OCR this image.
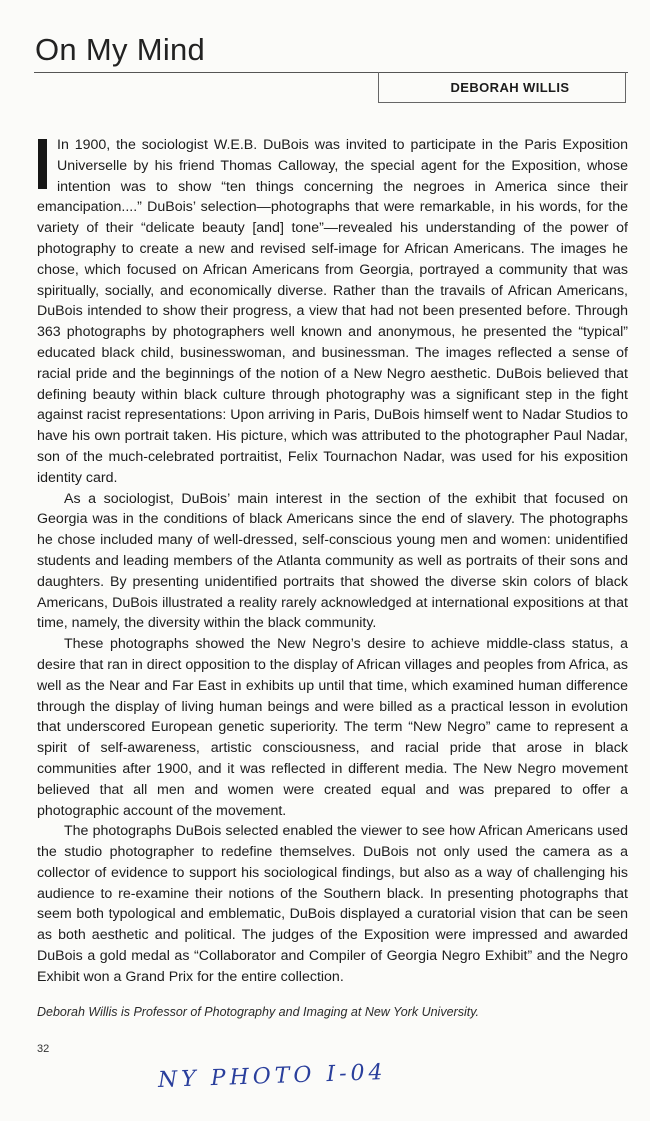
On My Mind
DEBORAH WILLIS

In 1900, the sociologist W.E.B. DuBois was invited to participate in the Paris Exposition Universelle by his friend Thomas Calloway, the special agent for the Exposition, whose intention was to show “ten things concerning the negroes in America since their emancipation....” DuBois’ selection—photographs that were remarkable, in his words, for the variety of their “delicate beauty [and] tone”—revealed his understanding of the power of photography to create a new and revised self-image for African Americans. The images he chose, which focused on African Americans from Georgia, portrayed a community that was spiritually, socially, and economically diverse. Rather than the travails of African Americans, DuBois intended to show their progress, a view that had not been presented before. Through 363 photographs by photographers well known and anonymous, he presented the “typical” educated black child, businesswoman, and businessman. The images reflected a sense of racial pride and the beginnings of the notion of a New Negro aesthetic. DuBois believed that defining beauty within black culture through photography was a significant step in the fight against racist representations: Upon arriving in Paris, DuBois himself went to Nadar Studios to have his own portrait taken. His picture, which was attributed to the photographer Paul Nadar, son of the much-celebrated portraitist, Felix Tournachon Nadar, was used for his exposition identity card.

As a sociologist, DuBois’ main interest in the section of the exhibit that focused on Georgia was in the conditions of black Americans since the end of slavery. The photographs he chose included many of well-dressed, self-conscious young men and women: unidentified students and leading members of the Atlanta community as well as portraits of their sons and daughters. By presenting unidentified portraits that showed the diverse skin colors of black Americans, DuBois illustrated a reality rarely acknowledged at international expositions at that time, namely, the diversity within the black community.

These photographs showed the New Negro’s desire to achieve middle-class status, a desire that ran in direct opposition to the display of African villages and peoples from Africa, as well as the Near and Far East in exhibits up until that time, which examined human difference through the display of living human beings and were billed as a practical lesson in evolution that underscored European genetic superiority. The term “New Negro” came to represent a spirit of self-awareness, artistic consciousness, and racial pride that arose in black communities after 1900, and it was reflected in different media. The New Negro movement believed that all men and women were created equal and was prepared to offer a photographic account of the movement.

The photographs DuBois selected enabled the viewer to see how African Americans used the studio photographer to redefine themselves. DuBois not only used the camera as a collector of evidence to support his sociological findings, but also as a way of challenging his audience to re-examine their notions of the Southern black. In presenting photographs that seem both typological and emblematic, DuBois displayed a curatorial vision that can be seen as both aesthetic and political. The judges of the Exposition were impressed and awarded DuBois a gold medal as “Collaborator and Compiler of Georgia Negro Exhibit” and the Negro Exhibit won a Grand Prix for the entire collection.

Deborah Willis is Professor of Photography and Imaging at New York University.
32
NY PHOTO I-04
